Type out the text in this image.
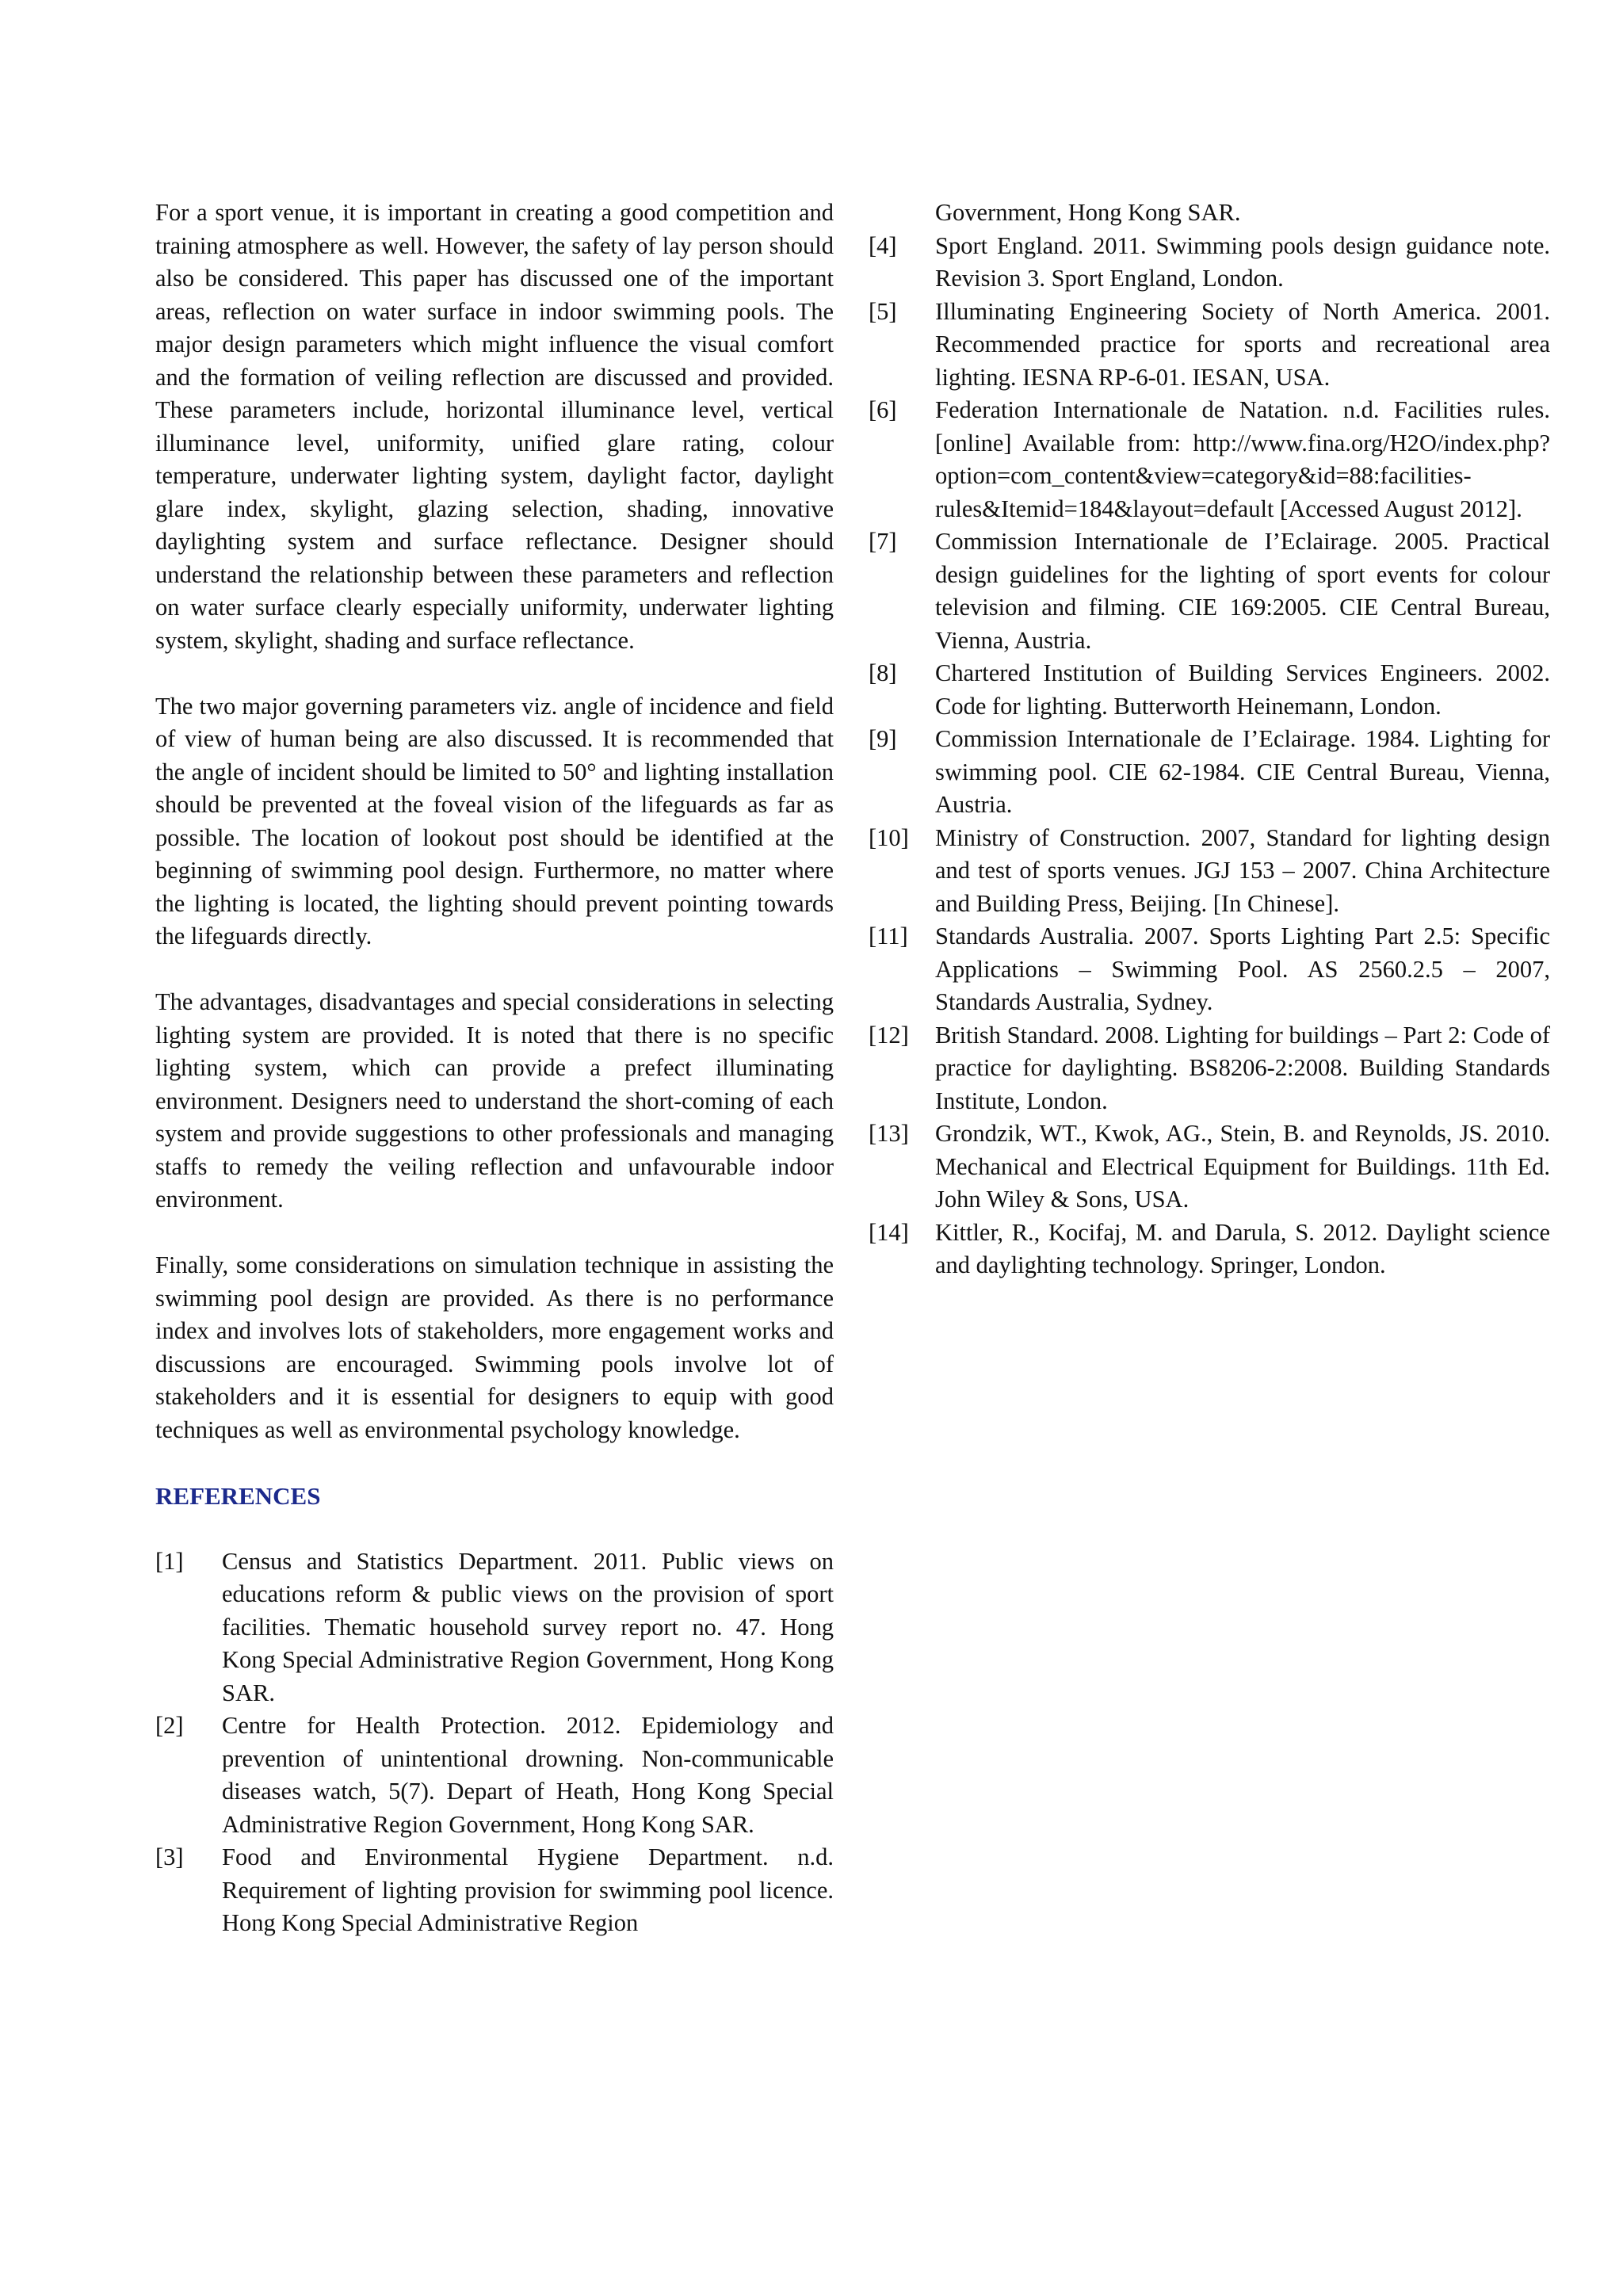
For a sport venue, it is important in creating a good competition and training atmosphere as well. However, the safety of lay person should also be considered. This paper has discussed one of the important areas, reflection on water surface in indoor swimming pools. The major design parameters which might influence the visual comfort and the formation of veiling reflection are discussed and provided. These parameters include, horizontal illuminance level, vertical illuminance level, uniformity, unified glare rating, colour temperature, underwater lighting system, daylight factor, daylight glare index, skylight, glazing selection, shading, innovative daylighting system and surface reflectance. Designer should understand the relationship between these parameters and reflection on water surface clearly especially uniformity, underwater lighting system, skylight, shading and surface reflectance.

The two major governing parameters viz. angle of incidence and field of view of human being are also discussed. It is recommended that the angle of incident should be limited to 50° and lighting installation should be prevented at the foveal vision of the lifeguards as far as possible. The location of lookout post should be identified at the beginning of swimming pool design. Furthermore, no matter where the lighting is located, the lighting should prevent pointing towards the lifeguards directly.

The advantages, disadvantages and special considerations in selecting lighting system are provided. It is noted that there is no specific lighting system, which can provide a prefect illuminating environment. Designers need to understand the short-coming of each system and provide suggestions to other professionals and managing staffs to remedy the veiling reflection and unfavourable indoor environment.

Finally, some considerations on simulation technique in assisting the swimming pool design are provided. As there is no performance index and involves lots of stakeholders, more engagement works and discussions are encouraged. Swimming pools involve lot of stakeholders and it is essential for designers to equip with good techniques as well as environmental psychology knowledge.

REFERENCES
[1]	Census and Statistics Department. 2011. Public views on educations reform & public views on the provision of sport facilities. Thematic household survey report no. 47. Hong Kong Special Administrative Region Government, Hong Kong SAR.
[2]	Centre for Health Protection. 2012. Epidemiology and prevention of unintentional drowning. Non-communicable diseases watch, 5(7). Depart of Heath, Hong Kong Special Administrative Region Government, Hong Kong SAR.
[3]	Food and Environmental Hygiene Department. n.d. Requirement of lighting provision for swimming pool licence. Hong Kong Special Administrative Region
Government, Hong Kong SAR.
[4]	Sport England. 2011. Swimming pools design guidance note. Revision 3. Sport England, London.
[5]	Illuminating Engineering Society of North America. 2001. Recommended practice for sports and recreational area lighting. IESNA RP-6-01. IESAN, USA.
[6]	Federation Internationale de Natation. n.d. Facilities rules. [online] Available from: http://www.fina.org/H2O/index.php?option=com_content&view=category&id=88:facilities-rules&Itemid=184&layout=default [Accessed August 2012].
[7]	Commission Internationale de I’Eclairage. 2005. Practical design guidelines for the lighting of sport events for colour television and filming. CIE 169:2005. CIE Central Bureau, Vienna, Austria.
[8]	Chartered Institution of Building Services Engineers. 2002. Code for lighting. Butterworth Heinemann, London.
[9]	Commission Internationale de I’Eclairage. 1984. Lighting for swimming pool. CIE 62-1984. CIE Central Bureau, Vienna, Austria.
[10]	Ministry of Construction. 2007, Standard for lighting design and test of sports venues. JGJ 153 – 2007. China Architecture and Building Press, Beijing. [In Chinese].
[11]	Standards Australia. 2007. Sports Lighting Part 2.5: Specific Applications – Swimming Pool. AS 2560.2.5 – 2007, Standards Australia, Sydney.
[12]	British Standard. 2008. Lighting for buildings – Part 2: Code of practice for daylighting. BS8206-2:2008. Building Standards Institute, London.
[13]	Grondzik, WT., Kwok, AG., Stein, B. and Reynolds, JS. 2010. Mechanical and Electrical Equipment for Buildings. 11th Ed. John Wiley & Sons, USA.
[14]	Kittler, R., Kocifaj, M. and Darula, S. 2012. Daylight science and daylighting technology. Springer, London.
